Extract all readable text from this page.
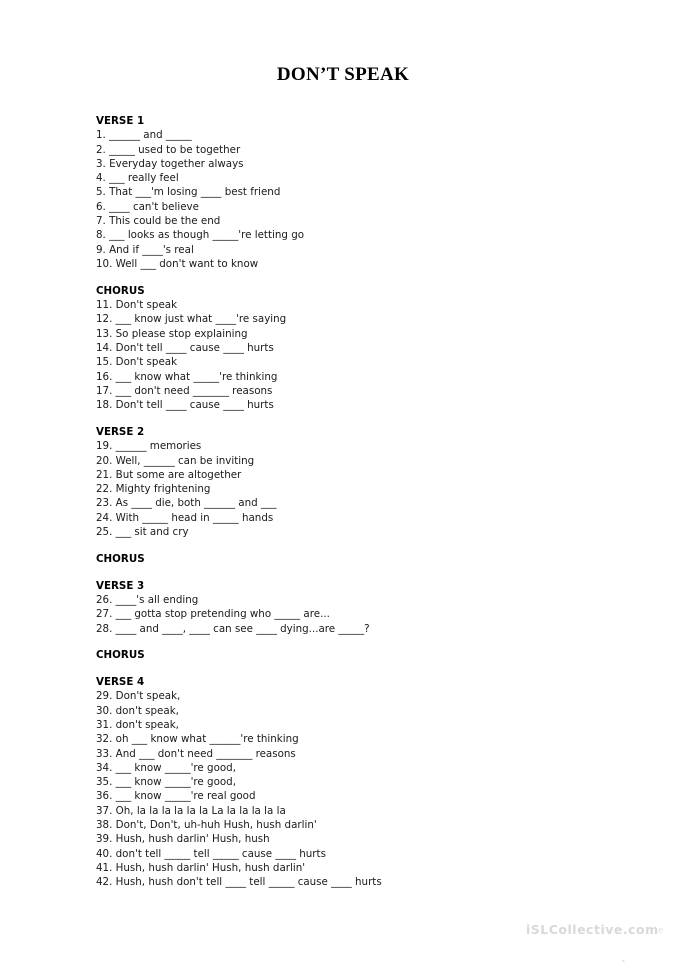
DON’T SPEAK
VERSE 1
1. ______ and _____
2. _____ used to be together
3. Everyday together always
4. ___ really feel
5. That ___'m losing ____ best friend
6. ____ can't believe
7. This could be the end
8. ___ looks as though _____'re letting go
9. And if ____'s real
10. Well ___ don't want to know
CHORUS
11. Don't speak
12. ___ know just what ____'re saying
13. So please stop explaining
14. Don't tell ____ cause ____ hurts
15. Don't speak
16. ___ know what _____'re thinking
17. ___ don't need _______ reasons
18. Don't tell ____ cause ____ hurts
VERSE 2
19. ______ memories
20. Well, ______ can be inviting
21. But some are altogether
22. Mighty frightening
23. As ____ die, both ______ and ___
24. With _____ head in _____ hands
25. ___ sit and cry
CHORUS
VERSE 3
26. ____'s all ending
27. ___ gotta stop pretending who _____ are...
28. ____ and ____, ____ can see ____ dying...are _____?
CHORUS
VERSE 4
29. Don't speak,
30. don't speak,
31. don't speak,
32. oh ___ know what ______'re thinking
33. And ___ don't need _______ reasons
34. ___ know _____'re good,
35. ___ know _____'re good,
36. ___ know _____'re real good
37. Oh, la la la la la la La la la la la la
38. Don't, Don't, uh-huh Hush, hush darlin'
39. Hush, hush darlin' Hush, hush
40. don't tell _____ tell _____ cause ____ hurts
41. Hush, hush darlin' Hush, hush darlin'
42. Hush, hush don't tell ____ tell _____ cause ____ hurts
iSLCollective.com e
•
